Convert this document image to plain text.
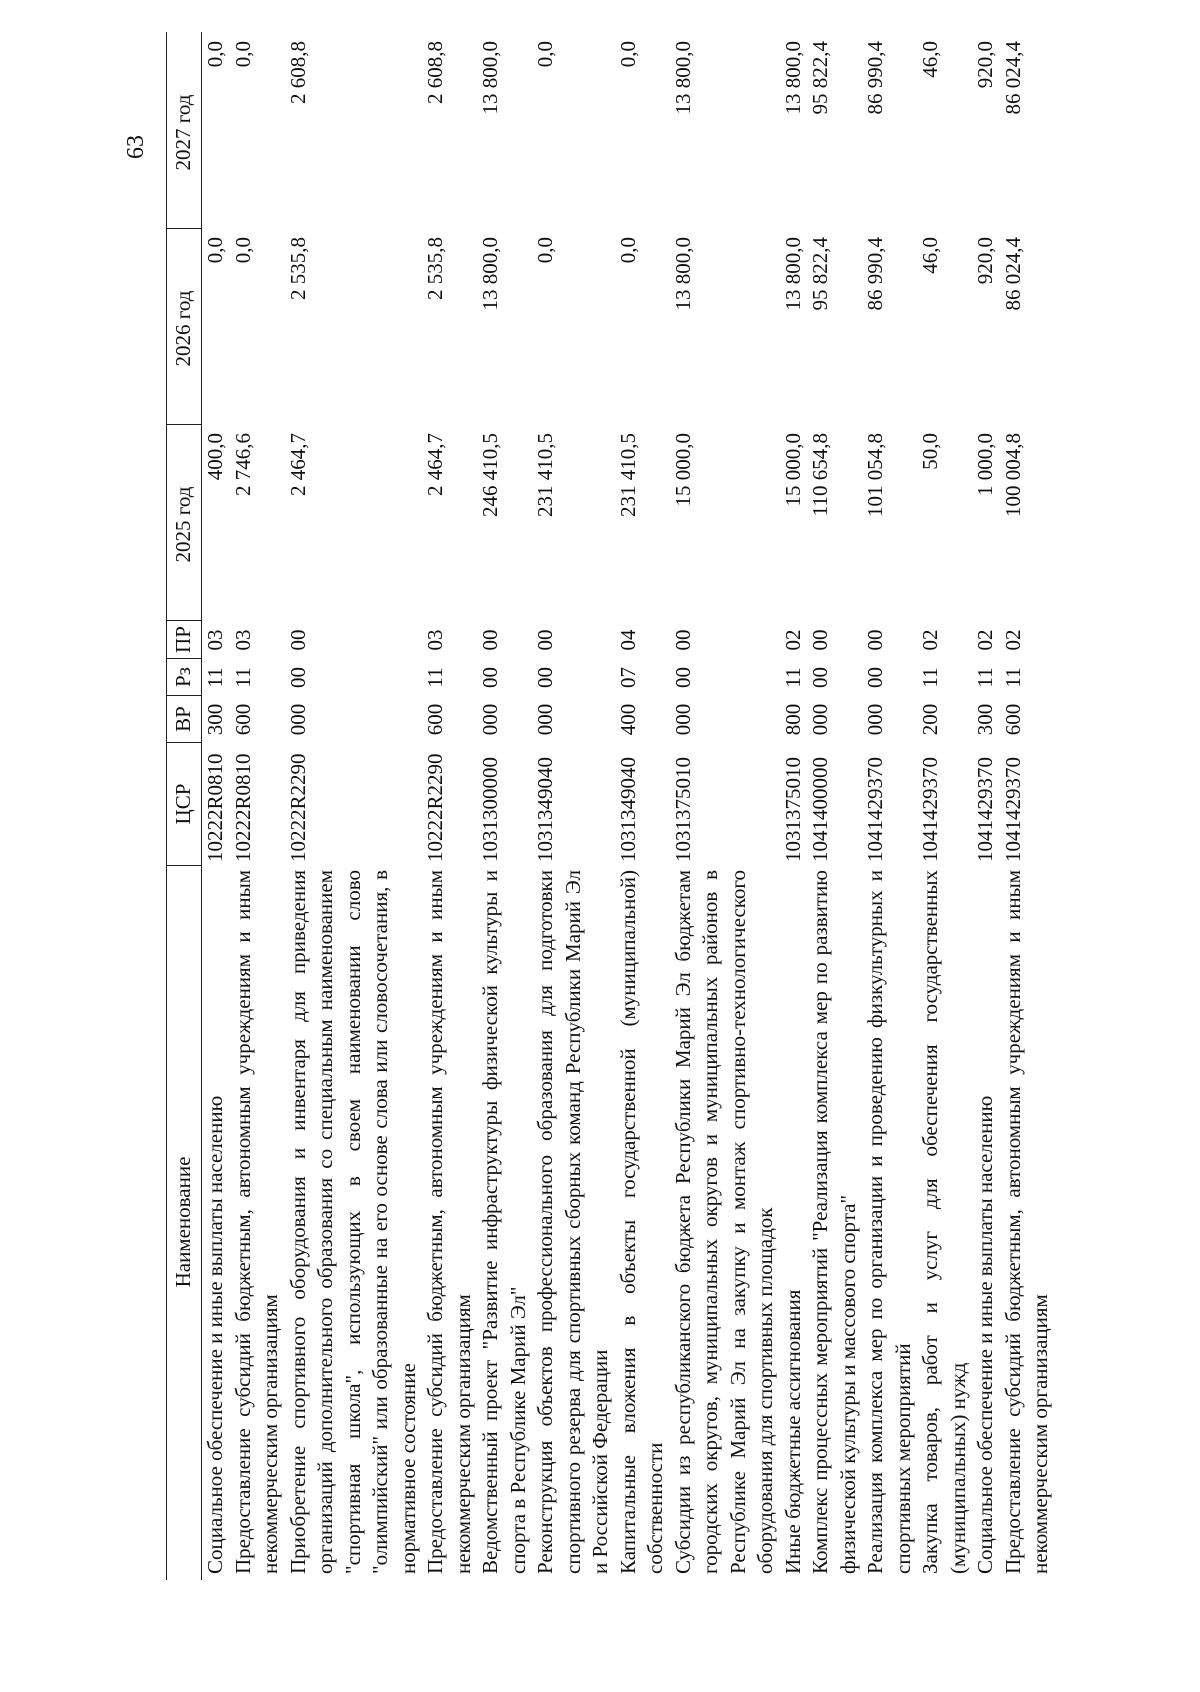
63
Наименование
ЦСР
ВР
Рз
ПР
2025 год
2026 год
2027 год
Социальное обеспечение и иные выплаты населению
10222R0810
300
11
03
400,0
0,0
0,0
Предоставление субсидий бюджетным, автономным учреждениям и иным некоммерческим организациям
10222R0810
600
11
03
2 746,6
0,0
0,0
Приобретение спортивного оборудования и инвентаря для приведения организаций дополнительного образования со специальным наименованием "спортивная школа", использующих в своем наименовании слово "олимпийский" или образованные на его основе слова или словосочетания, в нормативное состояние
10222R2290
000
00
00
2 464,7
2 535,8
2 608,8
Предоставление субсидий бюджетным, автономным учреждениям и иным некоммерческим организациям
10222R2290
600
11
03
2 464,7
2 535,8
2 608,8
Ведомственный проект "Развитие инфраструктуры физической культуры и спорта в Республике Марий Эл"
1031300000
000
00
00
246 410,5
13 800,0
13 800,0
Реконструкция объектов профессионального образования для подготовки спортивного резерва для спортивных сборных команд Республики Марий Эл и Российской Федерации
1031349040
000
00
00
231 410,5
0,0
0,0
Капитальные вложения в объекты государственной (муниципальной) собственности
1031349040
400
07
04
231 410,5
0,0
0,0
Субсидии из республиканского бюджета Республики Марий Эл бюджетам городских округов, муниципальных округов и муниципальных районов в Республике Марий Эл на закупку и монтаж спортивно-технологического оборудования для спортивных площадок
1031375010
000
00
00
15 000,0
13 800,0
13 800,0
Иные бюджетные ассигнования
1031375010
800
11
02
15 000,0
13 800,0
13 800,0
Комплекс процессных мероприятий "Реализация комплекса мер по развитию физической культуры и массового спорта"
1041400000
000
00
00
110 654,8
95 822,4
95 822,4
Реализация комплекса мер по организации и проведению физкультурных и спортивных мероприятий
1041429370
000
00
00
101 054,8
86 990,4
86 990,4
Закупка товаров, работ и услуг для обеспечения государственных (муниципальных) нужд
1041429370
200
11
02
50,0
46,0
46,0
Социальное обеспечение и иные выплаты населению
1041429370
300
11
02
1 000,0
920,0
920,0
Предоставление субсидий бюджетным, автономным учреждениям и иным некоммерческим организациям
1041429370
600
11
02
100 004,8
86 024,4
86 024,4
